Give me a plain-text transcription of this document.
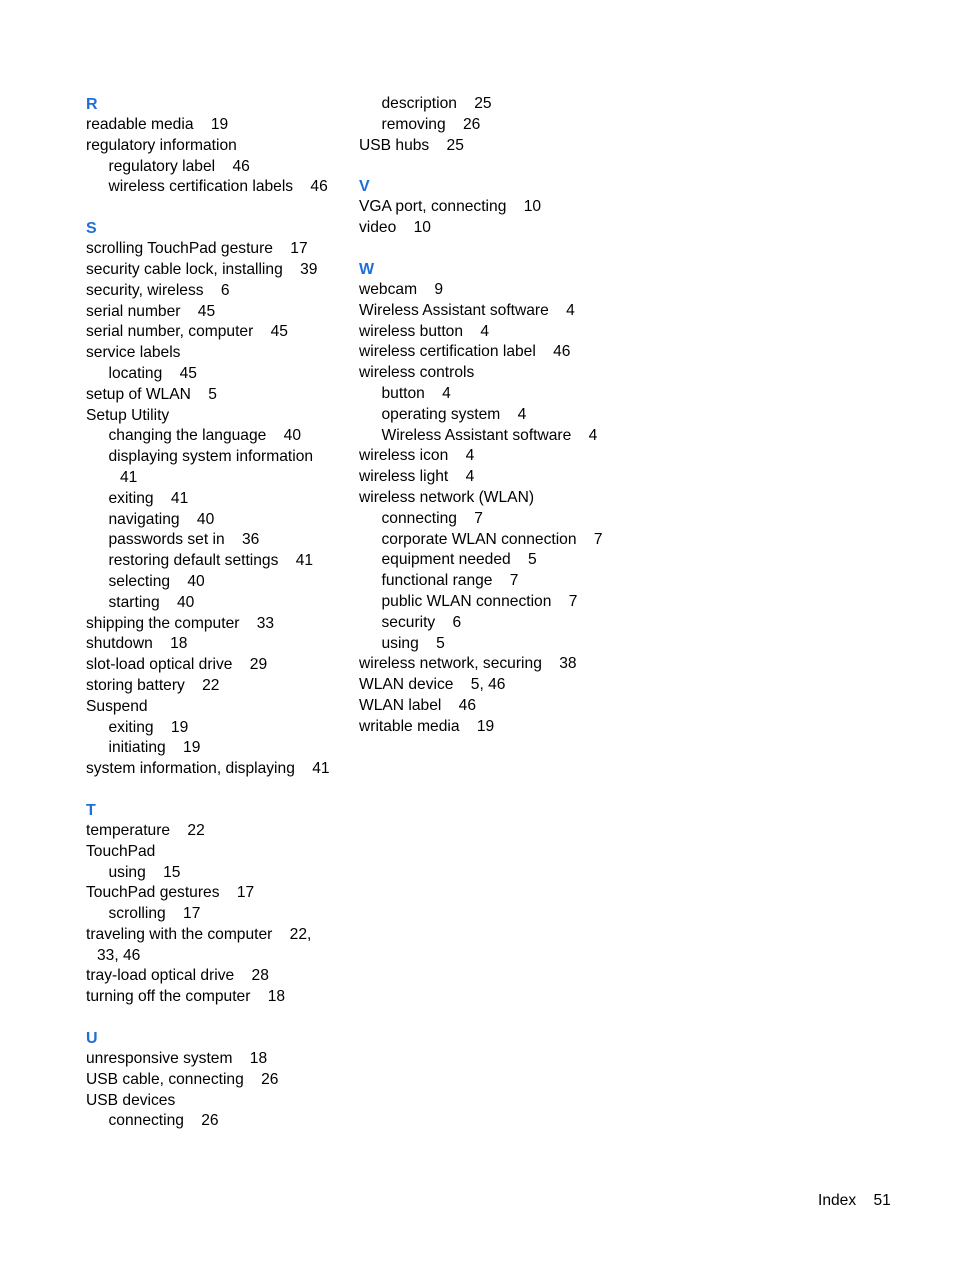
R
readable media    19
regulatory information
regulatory label    46
wireless certification labels    46
S
scrolling TouchPad gesture    17
security cable lock, installing    39
security, wireless    6
serial number    45
serial number, computer    45
service labels
locating    45
setup of WLAN    5
Setup Utility
changing the language    40
displaying system information
41
exiting    41
navigating    40
passwords set in    36
restoring default settings    41
selecting    40
starting    40
shipping the computer    33
shutdown    18
slot-load optical drive    29
storing battery    22
Suspend
exiting    19
initiating    19
system information, displaying    41
T
temperature    22
TouchPad
using    15
TouchPad gestures    17
scrolling    17
traveling with the computer    22,
33, 46
tray-load optical drive    28
turning off the computer    18
U
unresponsive system    18
USB cable, connecting    26
USB devices
connecting    26
description    25
removing    26
USB hubs    25
V
VGA port, connecting    10
video    10
W
webcam    9
Wireless Assistant software    4
wireless button    4
wireless certification label    46
wireless controls
button    4
operating system    4
Wireless Assistant software    4
wireless icon    4
wireless light    4
wireless network (WLAN)
connecting    7
corporate WLAN connection    7
equipment needed    5
functional range    7
public WLAN connection    7
security    6
using    5
wireless network, securing    38
WLAN device    5, 46
WLAN label    46
writable media    19
Index 51
